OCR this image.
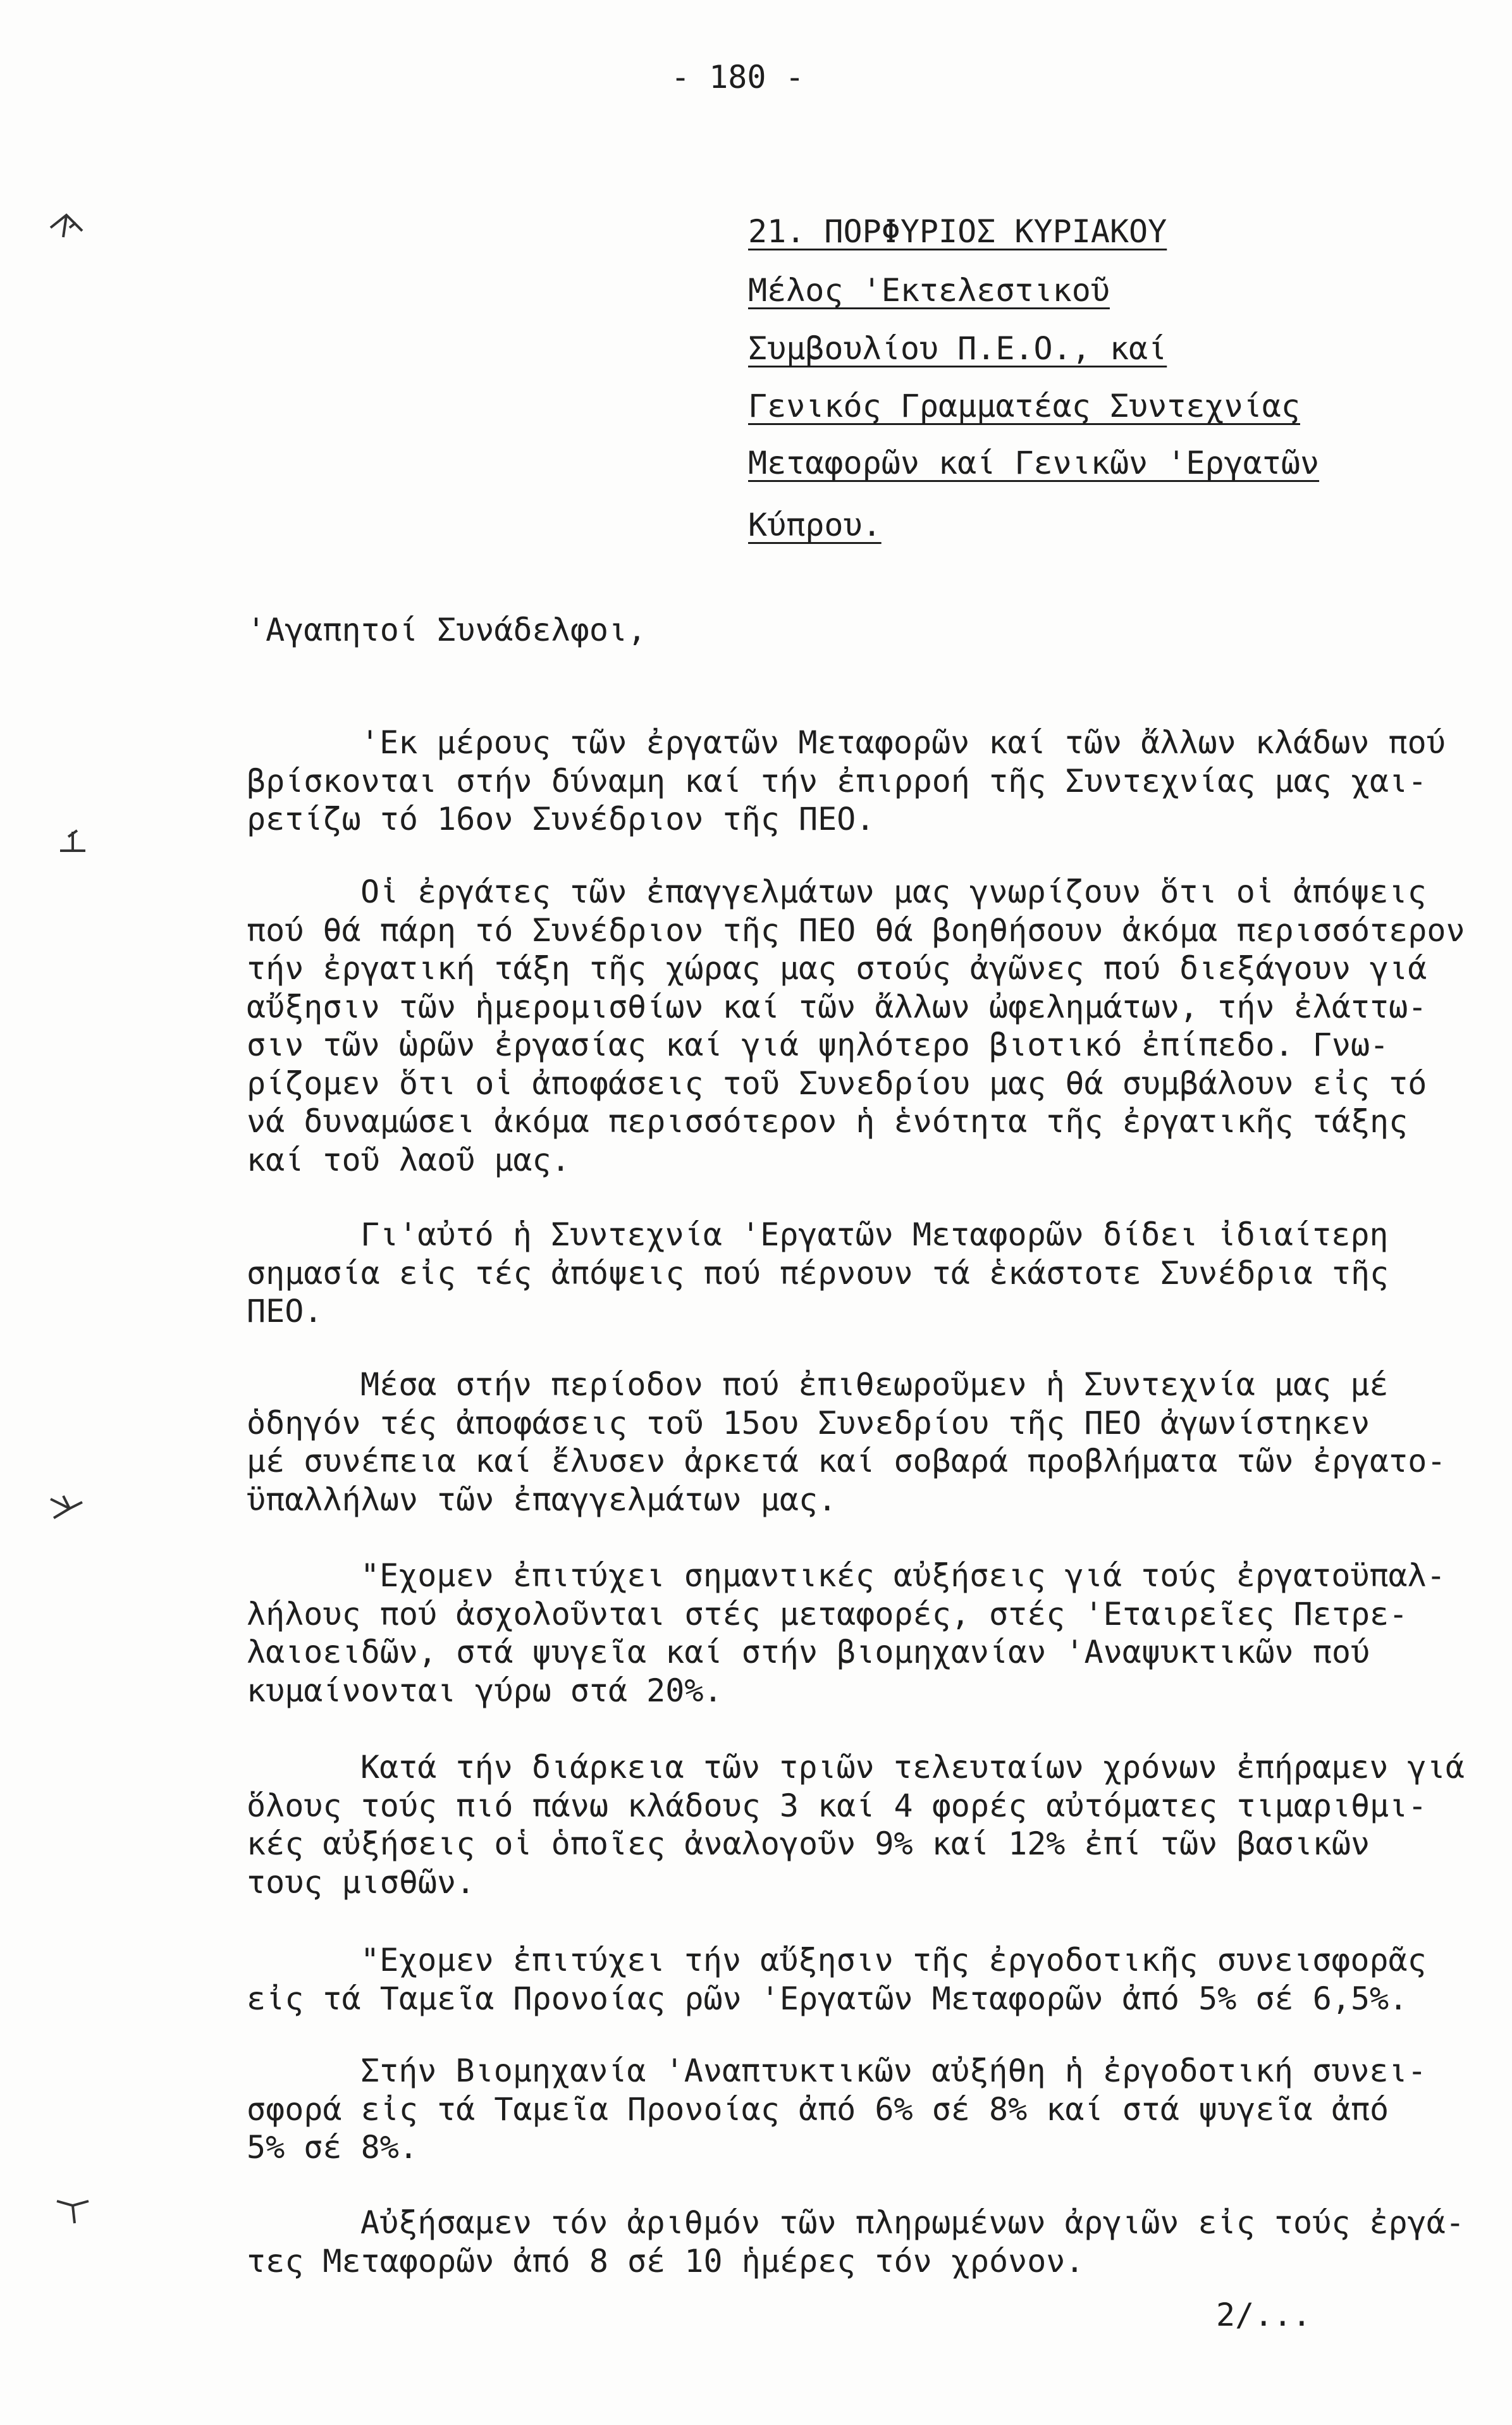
- 180 -
21. ΠΟΡΦΥΡΙΟΣ ΚΥΡΙΑΚΟΥ
Μέλος 'Εκτελεστικοῦ
Συμβουλίου Π.Ε.Ο., καί
Γενικός Γραμματέας Συντεχνίας
Μεταφορῶν καί Γενικῶν 'Εργατῶν
Κύπρου.
'Αγαπητοί Συνάδελφοι,
'Εκ μέρους τῶν ἐργατῶν Μεταφορῶν καί τῶν ἄλλων κλάδων πού
βρίσκονται στήν δύναμη καί τήν ἐπιρροή τῆς Συντεχνίας μας χαι-
ρετίζω τό 16ον Συνέδριον τῆς ΠΕΟ.
Οἱ ἐργάτες τῶν ἐπαγγελμάτων μας γνωρίζουν ὅτι οἱ ἀπόψεις
πού θά πάρη τό Συνέδριον τῆς ΠΕΟ θά βοηθήσουν ἀκόμα περισσότερον
τήν ἐργατική τάξη τῆς χώρας μας στούς ἀγῶνες πού διεξάγουν γιά
αὔξησιν τῶν ἡμερομισθίων καί τῶν ἄλλων ὠφελημάτων, τήν ἐλάττω-
σιν τῶν ὡρῶν ἐργασίας καί γιά ψηλότερο βιοτικό ἐπίπεδο. Γνω-
ρίζομεν ὅτι οἱ ἀποφάσεις τοῦ Συνεδρίου μας θά συμβάλουν εἰς τό
νά δυναμώσει ἀκόμα περισσότερον ἡ ἑνότητα τῆς ἐργατικῆς τάξης
καί τοῦ λαοῦ μας.
Γι'αὐτό ἡ Συντεχνία 'Εργατῶν Μεταφορῶν δίδει ἰδιαίτερη
σημασία εἰς τές ἀπόψεις πού πέρνουν τά ἑκάστοτε Συνέδρια τῆς
ΠΕΟ.
Μέσα στήν περίοδον πού ἐπιθεωροῦμεν ἡ Συντεχνία μας μέ
ὁδηγόν τές ἀποφάσεις τοῦ 15ου Συνεδρίου τῆς ΠΕΟ ἀγωνίστηκεν
μέ συνέπεια καί ἔλυσεν ἀρκετά καί σοβαρά προβλήματα τῶν ἐργατο-
ϋπαλλήλων τῶν ἐπαγγελμάτων μας.
"Εχομεν ἐπιτύχει σημαντικές αὐξήσεις γιά τούς ἐργατοϋπαλ-
λήλους πού ἀσχολοῦνται στές μεταφορές, στές 'Εταιρεῖες Πετρε-
λαιοειδῶν, στά ψυγεῖα καί στήν βιομηχανίαν 'Αναψυκτικῶν πού
κυμαίνονται γύρω στά 20%.
Κατά τήν διάρκεια τῶν τριῶν τελευταίων χρόνων ἐπήραμεν γιά
ὅλους τούς πιό πάνω κλάδους 3 καί 4 φορές αὐτόματες τιμαριθμι-
κές αὐξήσεις οἱ ὁποῖες ἀναλογοῦν 9% καί 12% ἐπί τῶν βασικῶν
τους μισθῶν.
"Εχομεν ἐπιτύχει τήν αὔξησιν τῆς ἐργοδοτικῆς συνεισφορᾶς
εἰς τά Ταμεῖα Προνοίας ρῶν 'Εργατῶν Μεταφορῶν ἀπό 5% σέ 6,5%.
Στήν Βιομηχανία 'Αναπτυκτικῶν αὐξήθη ἡ ἐργοδοτική συνει-
σφορά εἰς τά Ταμεῖα Προνοίας ἀπό 6% σέ 8% καί στά ψυγεῖα ἀπό
5% σέ 8%.
Αὐξήσαμεν τόν ἀριθμόν τῶν πληρωμένων ἀργιῶν εἰς τούς ἐργά-
τες Μεταφορῶν ἀπό 8 σέ 10 ἡμέρες τόν χρόνον.
2/...
